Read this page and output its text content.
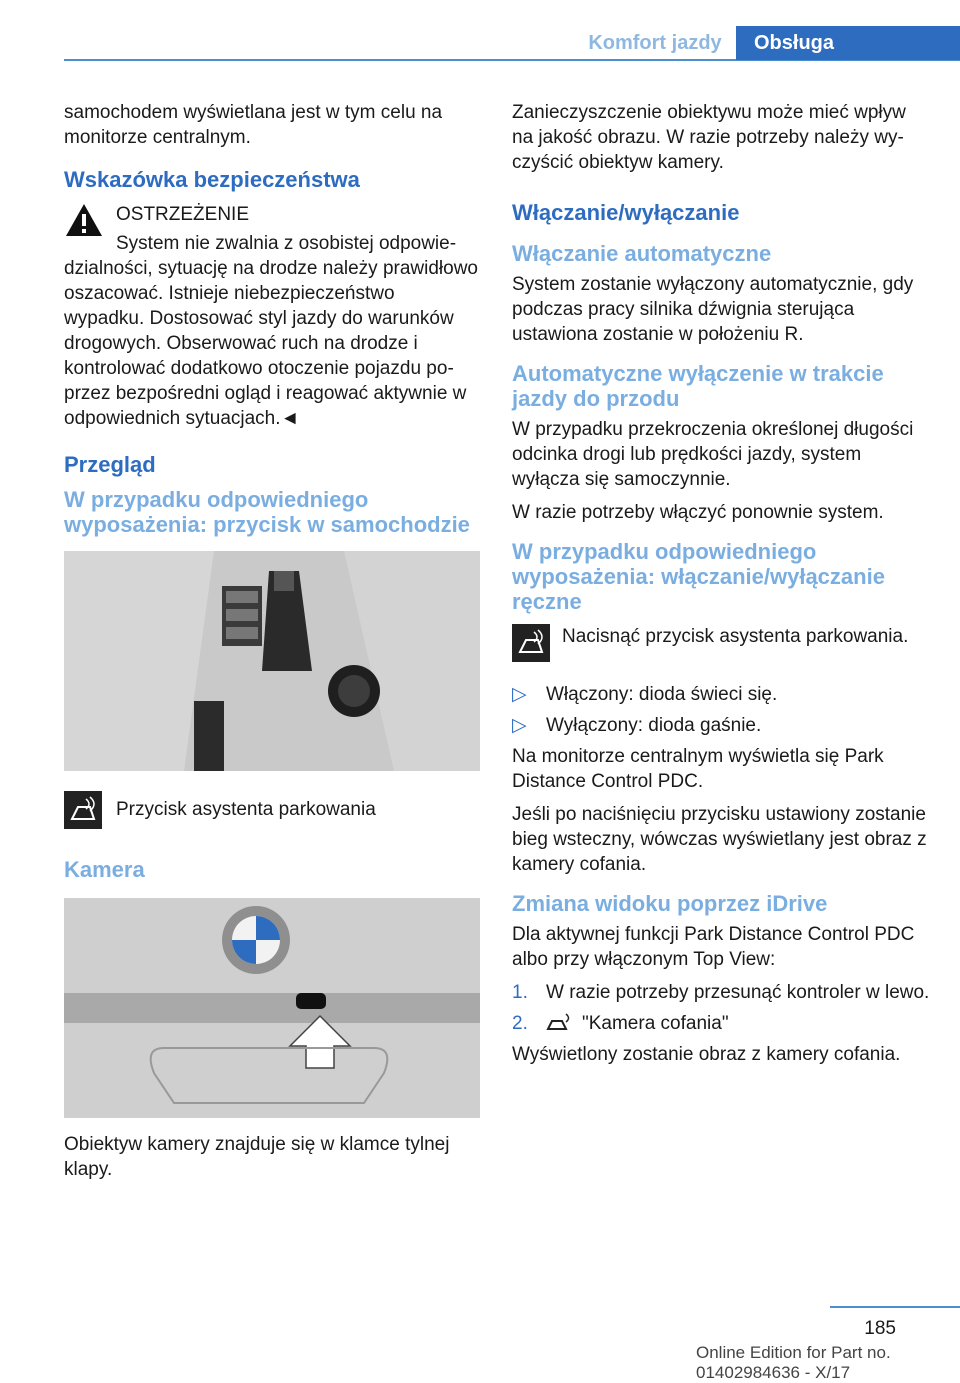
Komfort jazdy	Obsługa

samochodem wyświetlana jest w tym celu na monitorze centralnym.

Wskazówka bezpieczeństwa

OSTRZEŻENIE

System nie zwalnia z osobistej odpowiedzialności, sytuację na drodze należy prawidłowo oszacować. Istnieje niebezpieczeństwo wypadku. Dostosować styl jazdy do warunków drogowych. Obserwować ruch na drodze i kontrolować dodatkowo otoczenie pojazdu poprzez bezpośredni ogląd i reagować aktywnie w odpowiednich sytuacjach.◄

Przegląd
W przypadku odpowiedniego wyposażenia: przycisk w samochodzie
Przycisk asystenta parkowania
Kamera

Obiektyw kamery znajduje się w klamce tylnej klapy.

Zanieczyszczenie obiektywu może mieć wpływ na jakość obrazu. W razie potrzeby należy wyczyścić obiektyw kamery.

Włączanie/wyłączanie
Włączanie automatyczne

System zostanie wyłączony automatycznie, gdy podczas pracy silnika dźwignia sterująca ustawiona zostanie w położeniu R.

Automatyczne wyłączenie w trakcie jazdy do przodu

W przypadku przekroczenia określonej długości odcinka drogi lub prędkości jazdy, system wyłącza się samoczynnie.

W razie potrzeby włączyć ponownie system.

W przypadku odpowiedniego wyposażenia: włączanie/wyłączanie ręczne

Nacisnąć przycisk asystenta parkowania.

▷	Włączony: dioda świeci się.
▷	Wyłączony: dioda gaśnie.

Na monitorze centralnym wyświetla się Park Distance Control PDC.

Jeśli po naciśnięciu przycisku ustawiony zostanie bieg wsteczny, wówczas wyświetlany jest obraz z kamery cofania.

Zmiana widoku poprzez iDrive

Dla aktywnej funkcji Park Distance Control PDC albo przy włączonym Top View:

1. W razie potrzeby przesunąć kontroler w lewo.
2.	"Kamera cofania"

Wyświetlony zostanie obraz z kamery cofania.

185
Online Edition for Part no. 01402984636 - X/17
